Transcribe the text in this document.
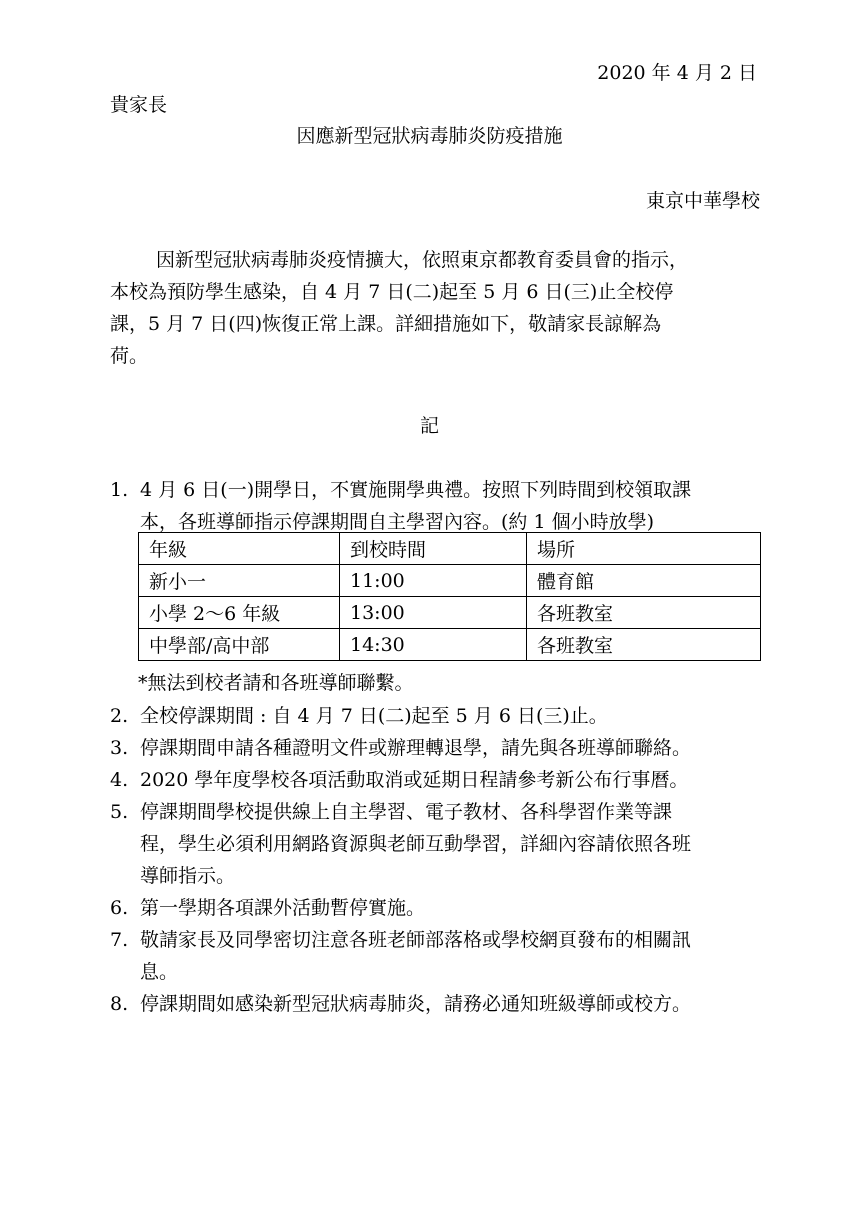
2020 年 4 月 2 日
貴家長
因應新型冠狀病毒肺炎防疫措施
東京中華學校

因新型冠狀病毒肺炎疫情擴大，依照東京都教育委員會的指示，

本校為預防學生感染，自 4 月 7 日(二)起至 5 月 6 日(三)止全校停

課，5 月 7 日(四)恢復正常上課。詳細措施如下，敬請家長諒解為

荷。

記
1. 4 月 6 日(一)開學日，不實施開學典禮。按照下列時間到校領取課
本，各班導師指示停課期間自主學習內容。(約 1 個小時放學)
年級	到校時間	場所
新小一	11:00	體育館
小學 2～6 年級	13:00	各班教室
中學部/高中部	14:30	各班教室
*無法到校者請和各班導師聯繫。
2. 全校停課期間 : 自 4 月 7 日(二)起至 5 月 6 日(三)止。
3. 停課期間申請各種證明文件或辦理轉退學，請先與各班導師聯絡。
4. 2020 學年度學校各項活動取消或延期日程請參考新公布行事曆。
5. 停課期間學校提供線上自主學習、電子教材、各科學習作業等課
程，學生必須利用網路資源與老師互動學習，詳細內容請依照各班
導師指示。
6. 第一學期各項課外活動暫停實施。
7. 敬請家長及同學密切注意各班老師部落格或學校網頁發布的相關訊
息。
8. 停課期間如感染新型冠狀病毒肺炎，請務必通知班級導師或校方。
